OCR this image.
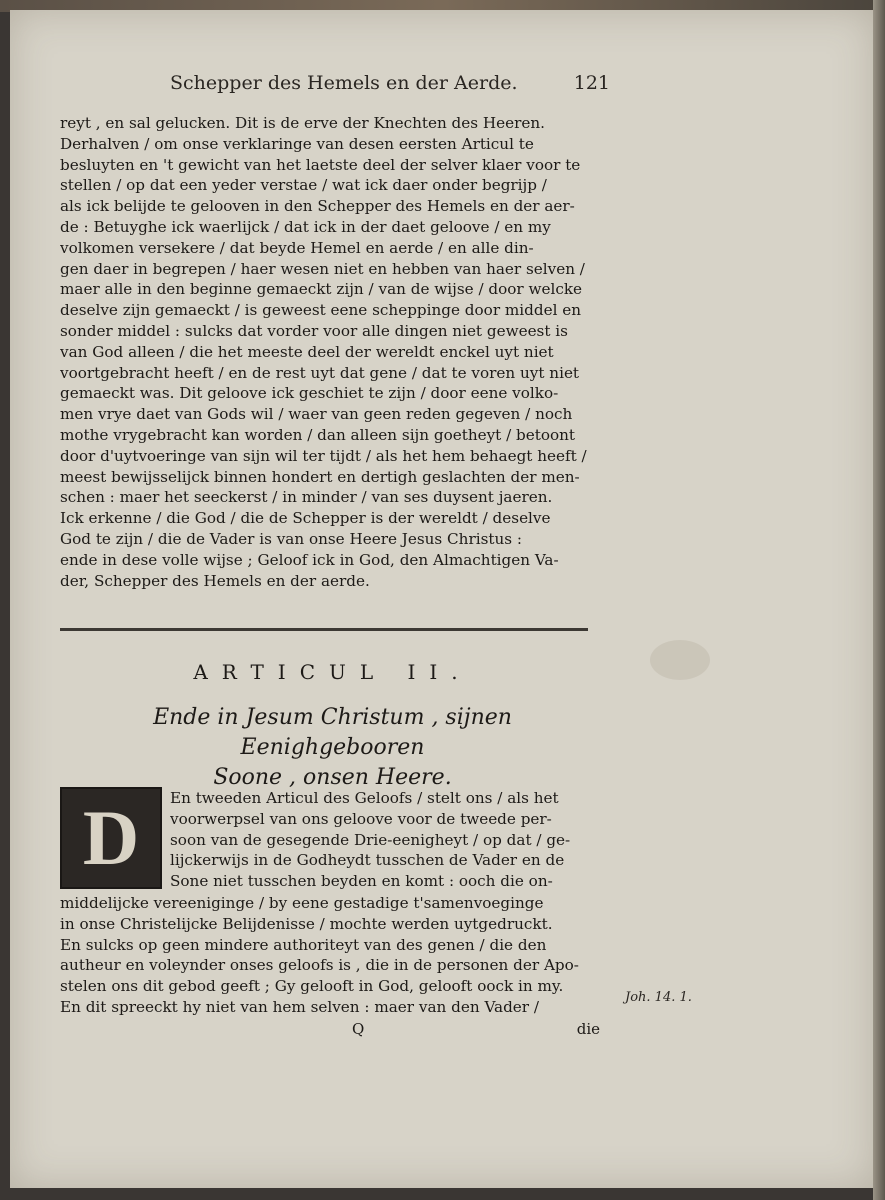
Schepper des Hemels en der Aerde.	121
reyt , en sal gelucken. Dit is de erve der Knechten des Heeren.
Derhalven / om onse verklaringe van desen eersten Articul te
besluyten en 't gewicht van het laetste deel der selver klaer voor te
stellen / op dat een yeder verstae / wat ick daer onder begrijp /
als ick belijde te gelooven in den Schepper des Hemels en der aer-
de : Betuyghe ick waerlijck / dat ick in der daet geloove / en my
volkomen versekere / dat beyde Hemel en aerde / en alle din-
gen daer in begrepen / haer wesen niet en hebben van haer selven /
maer alle in den beginne gemaeckt zijn / van de wijse / door welcke
deselve zijn gemaeckt / is geweest eene scheppinge door middel en
sonder middel : sulcks dat vorder voor alle dingen niet geweest is
van God alleen / die het meeste deel der wereldt enckel uyt niet
voortgebracht heeft / en de rest uyt dat gene / dat te voren uyt niet
gemaeckt was. Dit geloove ick geschiet te zijn / door eene volko-
men vrye daet van Gods wil / waer van geen reden gegeven / noch
mothe vrygebracht kan worden / dan alleen sijn goetheyt / betoont
door d'uytvoeringe van sijn wil ter tijdt / als het hem behaegt heeft /
meest bewijsselijck binnen hondert en dertigh geslachten der men-
schen : maer het seeckerst / in minder / van ses duysent jaeren.
Ick erkenne / die God / die de Schepper is der wereldt / deselve
God te zijn / die de Vader is van onse Heere Jesus Christus :
ende in dese volle wijse ; Geloof ick in God, den Almachtigen Va-
der, Schepper des Hemels en der aerde.
ARTICUL II.
Ende in Jesum Christum , sijnen Eenighgebooren
Soone , onsen Heere.
D	En tweeden Articul des Geloofs / stelt ons / als het
voorwerpsel van ons geloove voor de tweede per-
soon van de gesegende Drie-eenigheyt / op dat / ge-
lijckerwijs in de Godheydt tusschen de Vader en de
Sone niet tusschen beyden en komt : ooch die on-
middelijcke vereenigingе / by eene gestadige t'samenvoegingе
in onse Christelijcke Belijdenisse / mochte werden uytgedruckt.
En sulcks op geen mindere authoriteyt van des genen / die den
autheur en voleynder onses geloofs is , die in de personen der Apo-
stelen ons dit gebod geeft ; Gy gelooft in God, gelooft oock in my.
En dit spreeckt hy niet van hem selven : maer van den Vader /
Joh. 14. 1.
Q	die
